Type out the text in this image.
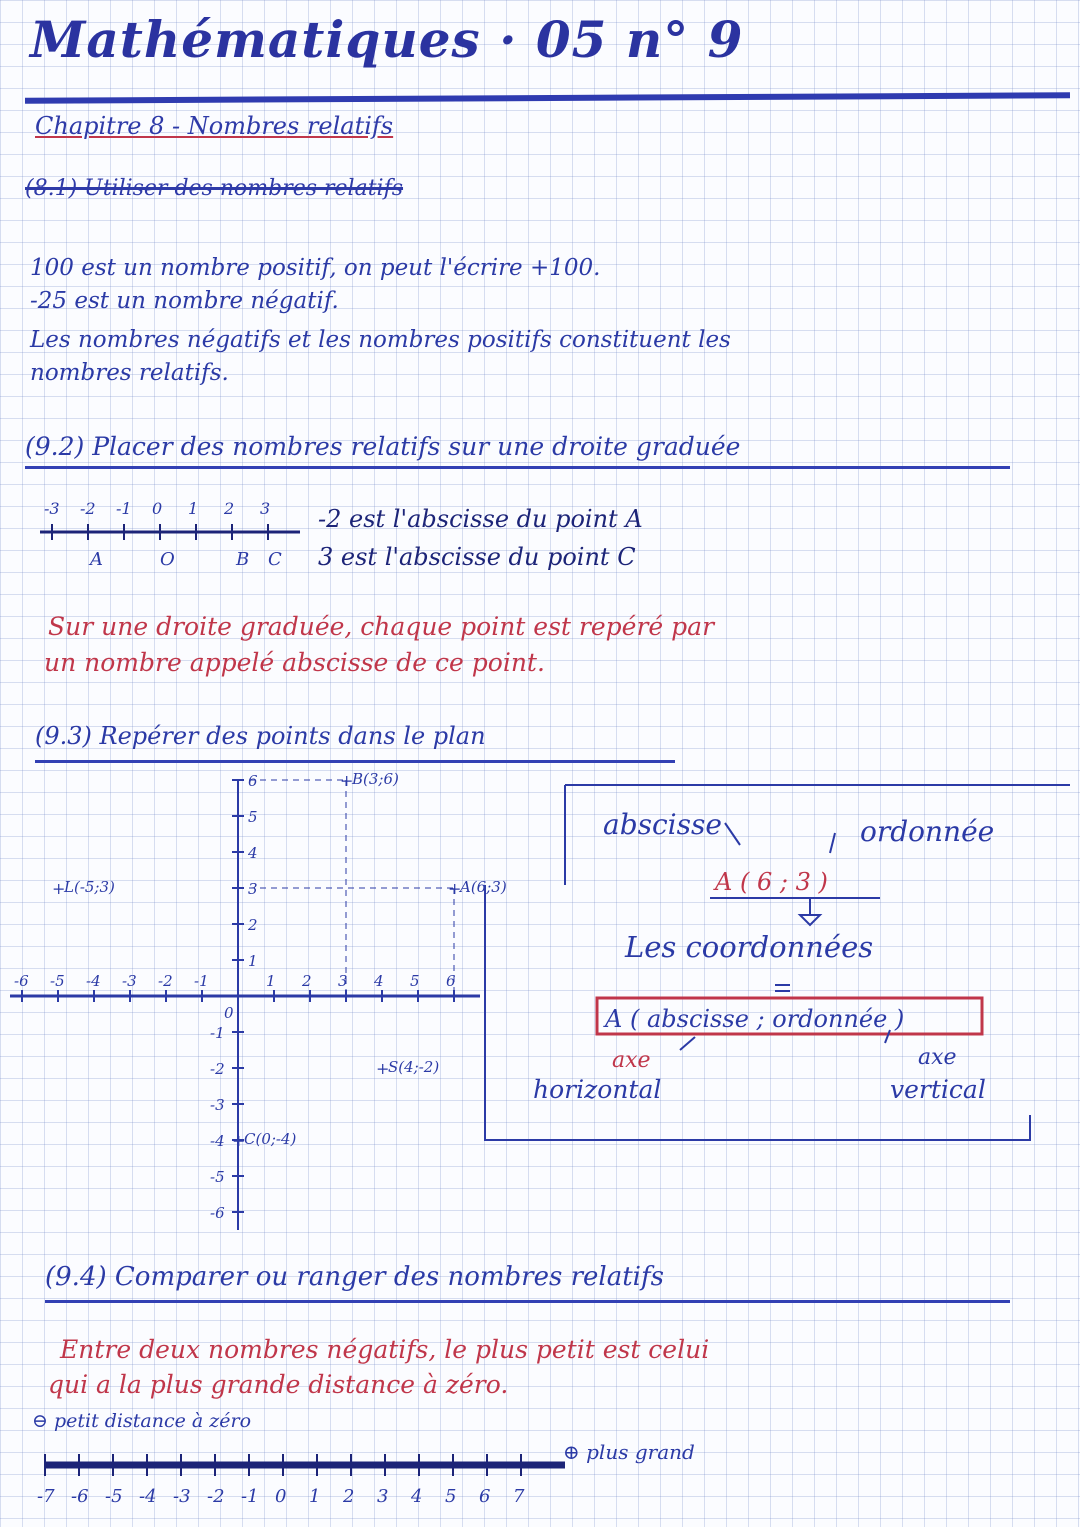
Mathématiques · 05 n° 9
Chapitre 8 - Nombres relatifs
(8.1) Utiliser des nombres relatifs
100 est un nombre positif, on peut l'écrire +100.
-25 est un nombre négatif.
Les nombres négatifs et les nombres positifs constituent les
nombres relatifs.
(9.2) Placer des nombres relatifs sur une droite graduée
-3 -2 -1 0 1 2 3
A	O	B C
-2 est l'abscisse du point A
3 est l'abscisse du point C
Sur une droite graduée, chaque point est repéré par
un nombre appelé abscisse de ce point.
(9.3) Repérer des points dans le plan
-6 -5 -4 -3 -2 -1	1 2 3 4 5 6
6
5
4
3
2
1
-1
-2
-3
-4
-5
-6
0
+
B(3;6)
+
A(6;3)
+
L(-5;3)
+
S(4;-2)
+
C(0;-4)
abscisse	ordonnée
A ( 6 ; 3 )
Les coordonnées
A ( abscisse ; ordonnée )
axe
horizontal
axe
vertical
(9.4) Comparer ou ranger des nombres relatifs
Entre deux nombres négatifs, le plus petit est celui
qui a la plus grande distance à zéro.
⊖ petit distance à zéro
⊕ plus grand
-7 -6 -5 -4 -3 -2 -1 0 1 2 3 4 5 6 7
